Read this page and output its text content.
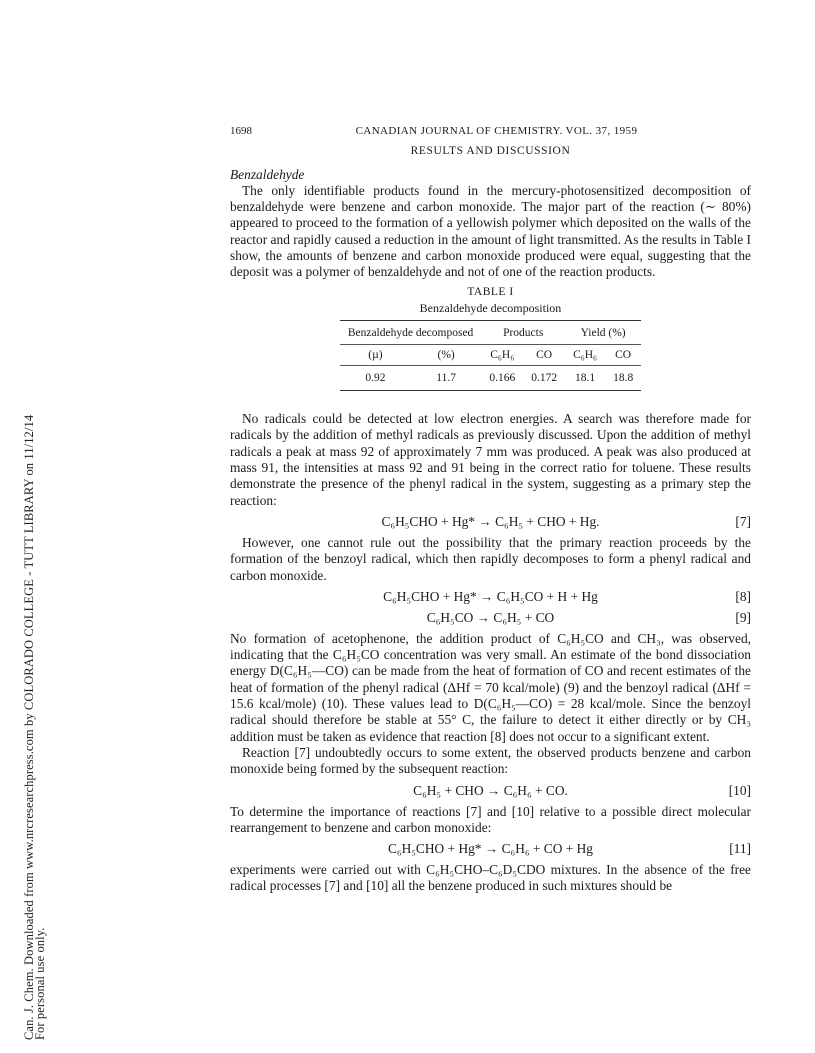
Can. J. Chem. Downloaded from www.nrcresearchpress.com by COLORADO COLLEGE - TUTT LIBRARY on 11/12/14
For personal use only.
1698	CANADIAN JOURNAL OF CHEMISTRY. VOL. 37, 1959
RESULTS AND DISCUSSION
Benzaldehyde

The only identifiable products found in the mercury-photosensitized decomposition of benzaldehyde were benzene and carbon monoxide. The major part of the reaction (∼ 80%) appeared to proceed to the formation of a yellowish polymer which deposited on the walls of the reactor and rapidly caused a reduction in the amount of light transmitted. As the results in Table I show, the amounts of benzene and carbon monoxide produced were equal, suggesting that the deposit was a polymer of benzaldehyde and not of one of the reaction products.

TABLE I
Benzaldehyde decomposition
Benzaldehyde decomposed		Products		Yield (%)	
(µ)	(%)	C₆H₆	CO	C₆H₆	CO
0.92	11.7	0.166	0.172	18.1	18.8

No radicals could be detected at low electron energies. A search was therefore made for radicals by the addition of methyl radicals as previously discussed. Upon the addition of methyl radicals a peak at mass 92 of approximately 7 mm was produced. A peak was also produced at mass 91, the intensities at mass 92 and 91 being in the correct ratio for toluene. These results demonstrate the presence of the phenyl radical in the system, suggesting as a primary step the reaction:

C₆H₅CHO + Hg* → C₆H₅ + CHO + Hg.	[7]

However, one cannot rule out the possibility that the primary reaction proceeds by the formation of the benzoyl radical, which then rapidly decomposes to form a phenyl radical and carbon monoxide.

C₆H₅CHO + Hg* → C₆H₅CO + H + Hg	[8]
C₆H₅CO → C₆H₅ + CO	[9]

No formation of acetophenone, the addition product of C₆H₅CO and CH₃, was observed, indicating that the C₆H₅CO concentration was very small. An estimate of the bond dissociation energy D(C₆H₅—CO) can be made from the heat of formation of CO and recent estimates of the heat of formation of the phenyl radical (ΔHf = 70 kcal/mole) (9) and the benzoyl radical (ΔHf = 15.6 kcal/mole) (10). These values lead to D(C₆H₅—CO) = 28 kcal/mole. Since the benzoyl radical should therefore be stable at 55° C, the failure to detect it either directly or by CH₃ addition must be taken as evidence that reaction [8] does not occur to a significant extent.

Reaction [7] undoubtedly occurs to some extent, the observed products benzene and carbon monoxide being formed by the subsequent reaction:

C₆H₅ + CHO → C₆H₆ + CO.	[10]

To determine the importance of reactions [7] and [10] relative to a possible direct molecular rearrangement to benzene and carbon monoxide:

C₆H₅CHO + Hg* → C₆H₆ + CO + Hg	[11]

experiments were carried out with C₆H₅CHO–C₆D₅CDO mixtures. In the absence of the free radical processes [7] and [10] all the benzene produced in such mixtures should be
